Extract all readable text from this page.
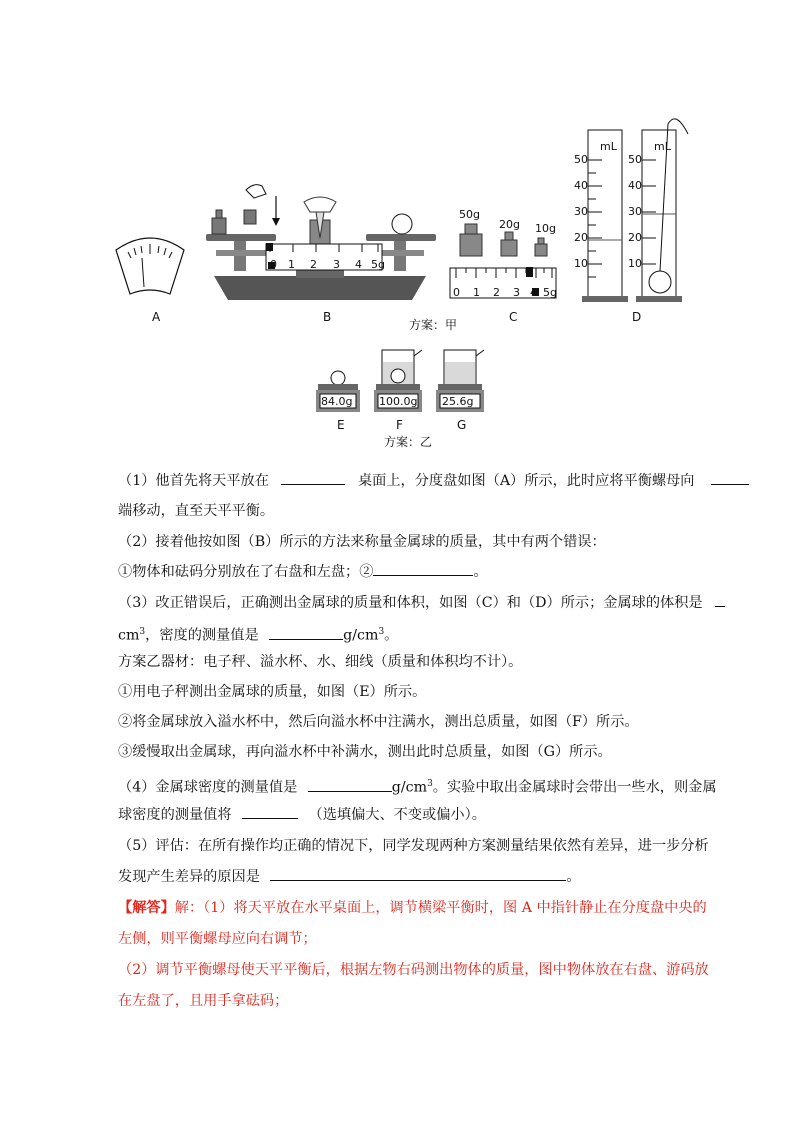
A
0 1 2 3 4 5g
B
50g
20g 10g
0 1 2 3 4 5g
C
方案：甲
mL	mL
50
40
30
20
10
50
40
30
20
10
D
84.0g 100.0g 25.6g
E	F	G
方案：乙
（1）他首先将天平放在	桌面上，分度盘如图（A）所示，此时应将平衡螺母向
端移动，直至天平平衡。
（2）接着他按如图（B）所示的方法来称量金属球的质量，其中有两个错误：
①物体和砝码分别放在了右盘和左盘；②	。
（3）改正错误后，正确测出金属球的质量和体积，如图（C）和（D）所示；金属球的体积是
$cm^3$，密度的测量值是	$g/cm^3$。
方案乙器材：电子秤、溢水杯、水、细线（质量和体积均不计）。
①用电子秤测出金属球的质量，如图（E）所示。
②将金属球放入溢水杯中，然后向溢水杯中注满水，测出总质量，如图（F）所示。
③缓慢取出金属球，再向溢水杯中补满水，测出此时总质量，如图（G）所示。
（4）金属球密度的测量值是	$g/cm^3$。实验中取出金属球时会带出一些水，则金属
球密度的测量值将	（选填偏大、不变或偏小）。
（5）评估：在所有操作均正确的情况下，同学发现两种方案测量结果依然有差异，进一步分析
发现产生差异的原因是	。
【解答】解：（1）将天平放在水平桌面上，调节横梁平衡时，图 A 中指针静止在分度盘中央的
左侧，则平衡螺母应向右调节；
（2）调节平衡螺母使天平平衡后，根据左物右码测出物体的质量，图中物体放在右盘、游码放
在左盘了，且用手拿砝码；
